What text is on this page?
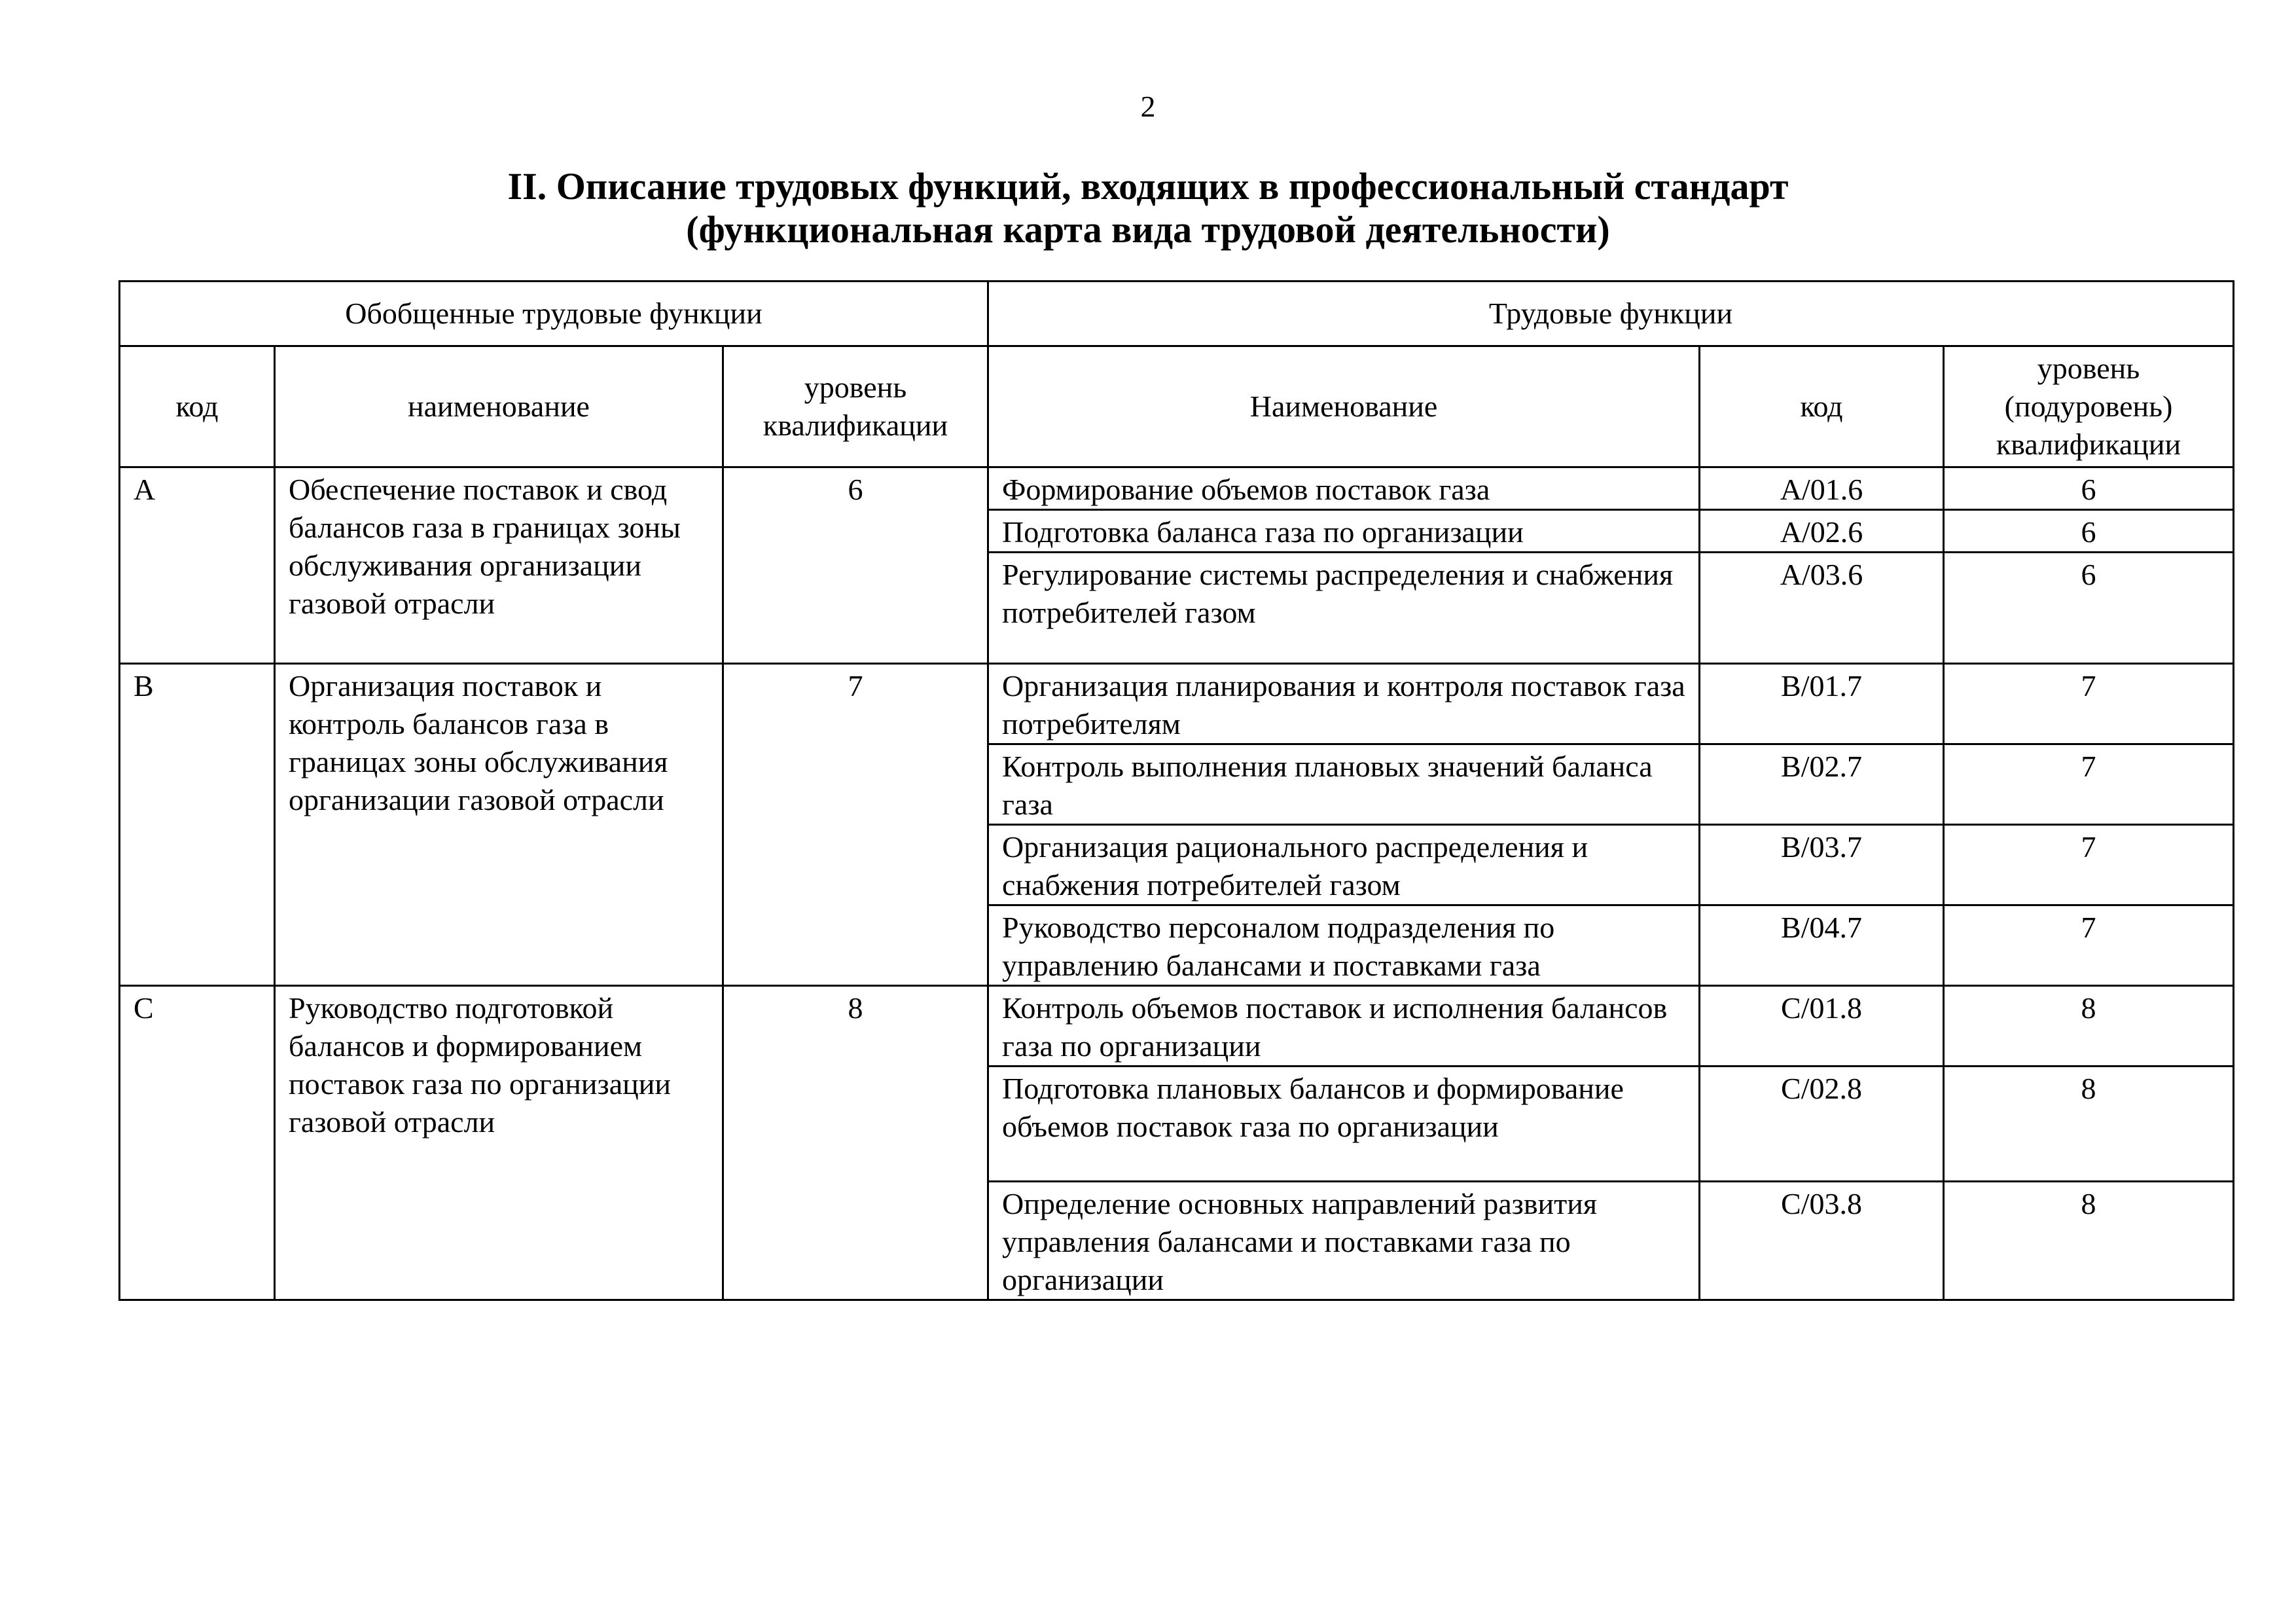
2
II. Описание трудовых функций, входящих в профессиональный стандарт
(функциональная карта вида трудовой деятельности)
Обобщенные трудовые функции			Трудовые функции		
код	наименование	уровень квалификации	Наименование	код	уровень (подуровень) квалификации
A	Обеспечение поставок и свод балансов газа в границах зоны обслуживания организации газовой отрасли	6	Формирование объемов поставок газа	A/01.6	6
			Подготовка баланса газа по организации	A/02.6	6
			Регулирование системы распределения и снабжения потребителей газом	A/03.6	6
B	Организация поставок и контроль балансов газа в границах зоны обслуживания организации газовой отрасли	7	Организация планирования и контроля поставок газа потребителям	B/01.7	7
			Контроль выполнения плановых значений баланса газа	B/02.7	7
			Организация рационального распределения и снабжения потребителей газом	B/03.7	7
			Руководство персоналом подразделения по управлению балансами и поставками газа	B/04.7	7
C	Руководство подготовкой балансов и формированием поставок газа по организации газовой отрасли	8	Контроль объемов поставок и исполнения балансов газа по организации	C/01.8	8
			Подготовка плановых балансов и формирование объемов поставок газа по организации	C/02.8	8
			Определение основных направлений развития управления балансами и поставками газа по организации	C/03.8	8
